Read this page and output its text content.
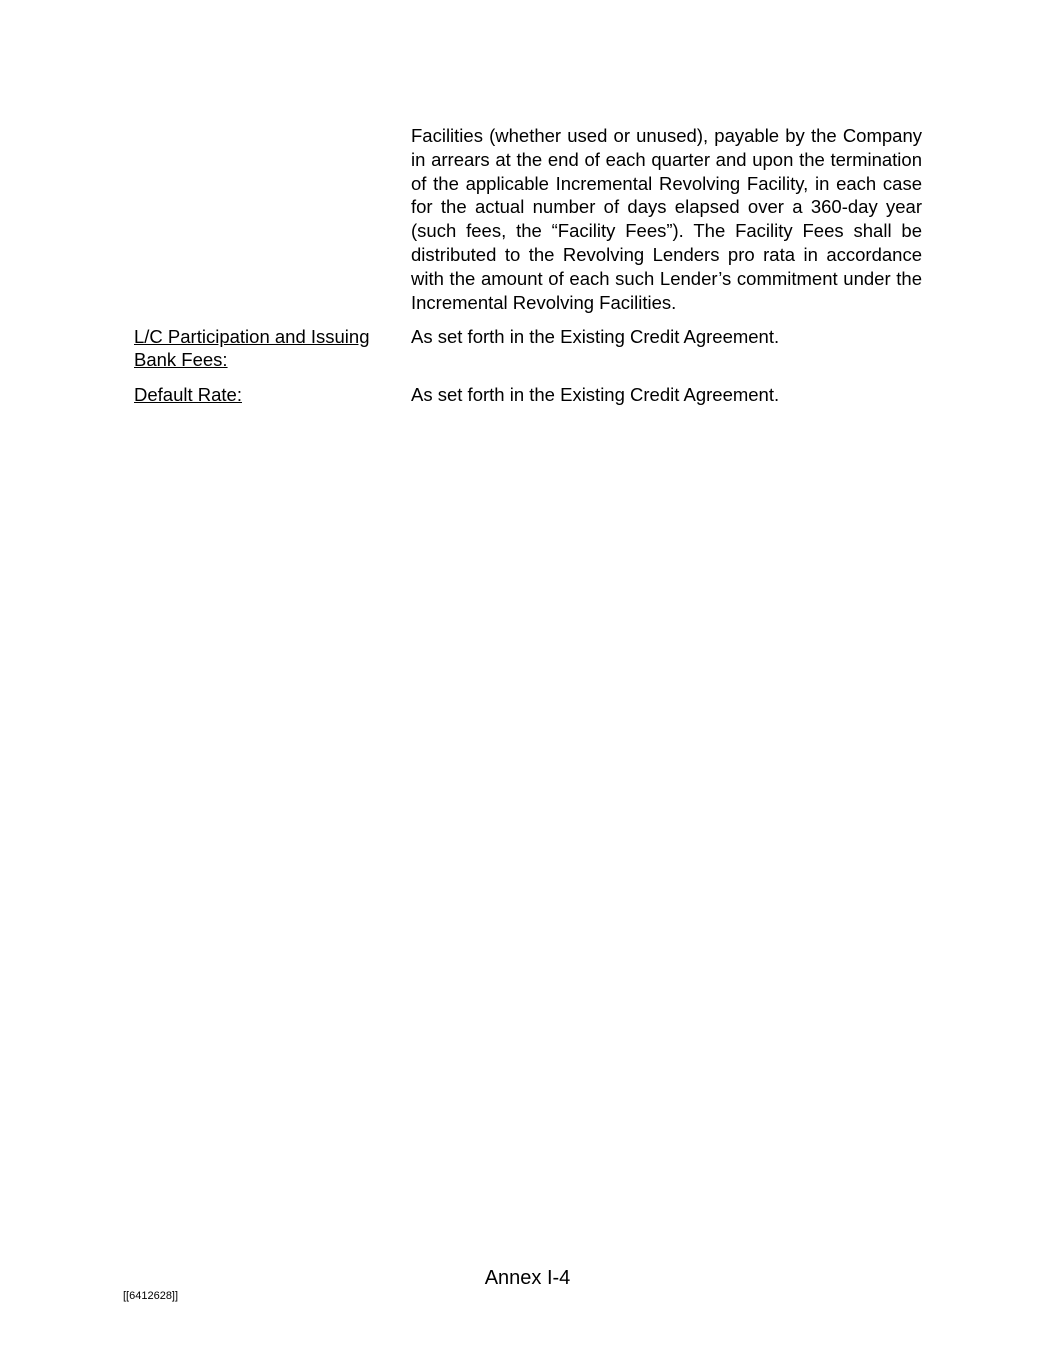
Facilities (whether used or unused), payable by the Company in arrears at the end of each quarter and upon the termination of the applicable Incremental Revolving Facility, in each case for the actual number of days elapsed over a 360-day year (such fees, the “Facility Fees”). The Facility Fees shall be distributed to the Revolving Lenders pro rata in accordance with the amount of each such Lender’s commitment under the Incremental Revolving Facilities.
L/C Participation and Issuing Bank Fees:
As set forth in the Existing Credit Agreement.
Default Rate:	As set forth in the Existing Credit Agreement.
Annex I-4
[[6412628]]
